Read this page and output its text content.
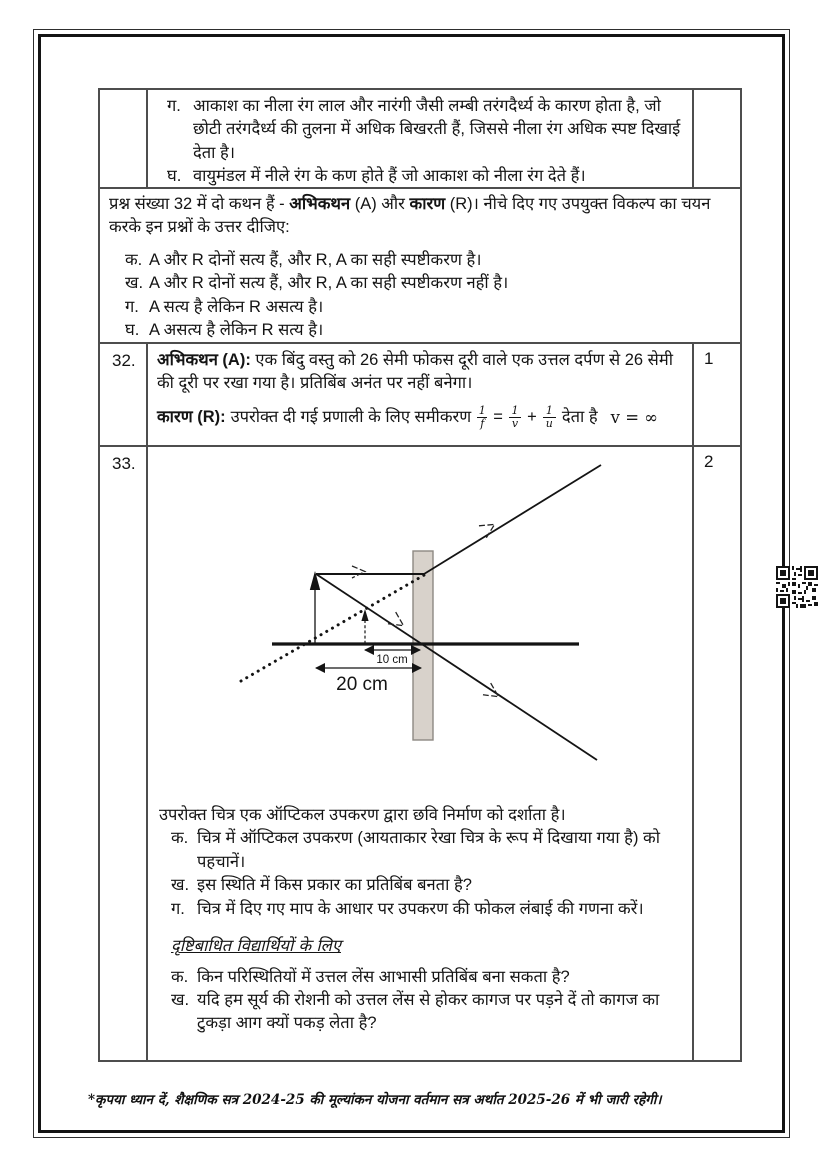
ग. आकाश का नीला रंग लाल और नारंगी जैसी लम्बी तरंगदैर्ध्य के कारण होता है, जो छोटी तरंगदैर्ध्य की तुलना में अधिक बिखरती हैं, जिससे नीला रंग अधिक स्पष्ट दिखाई देता है।
घ. वायुमंडल में नीले रंग के कण होते हैं जो आकाश को नीला रंग देते हैं।

प्रश्न संख्या 32 में दो कथन हैं - अभिकथन (A) और कारण (R)। नीचे दिए गए उपयुक्त विकल्प का चयन करके इन प्रश्नों के उत्तर दीजिए:

क. A और R दोनों सत्य हैं, और R, A का सही स्पष्टीकरण है।
ख. A और R दोनों सत्य हैं, और R, A का सही स्पष्टीकरण नहीं है।
ग. A सत्य है लेकिन R असत्य है।
घ. A असत्य है लेकिन R सत्य है।
32.	अभिकथन (A): एक बिंदु वस्तु को 26 सेमी फोकस दूरी वाले एक उत्तल दर्पण से 26 सेमी की दूरी पर रखा गया है। प्रतिबिंब अनंत पर नहीं बनेगा।

कारण (R): उपरोक्त दी गई प्रणाली के लिए समीकरण $\frac{1}{f} = \frac{1}{v} + \frac{1}{u}$ देता है v = ∞
1
33.
10 cm
20 cm

उपरोक्त चित्र एक ऑप्टिकल उपकरण द्वारा छवि निर्माण को दर्शाता है।

क. चित्र में ऑप्टिकल उपकरण (आयताकार रेखा चित्र के रूप में दिखाया गया है) को पहचानें।
ख. इस स्थिति में किस प्रकार का प्रतिबिंब बनता है?
ग. चित्र में दिए गए माप के आधार पर उपकरण की फोकल लंबाई की गणना करें।
दृष्टिबाधित विद्यार्थियों के लिए
क. किन परिस्थितियों में उत्तल लेंस आभासी प्रतिबिंब बना सकता है?
ख. यदि हम सूर्य की रोशनी को उत्तल लेंस से होकर कागज पर पड़ने दें तो कागज का टुकड़ा आग क्यों पकड़ लेता है?
2
*कृपया ध्यान दें, शैक्षणिक सत्र 2024-25 की मूल्यांकन योजना वर्तमान सत्र अर्थात 2025-26 में भी जारी रहेगी।
